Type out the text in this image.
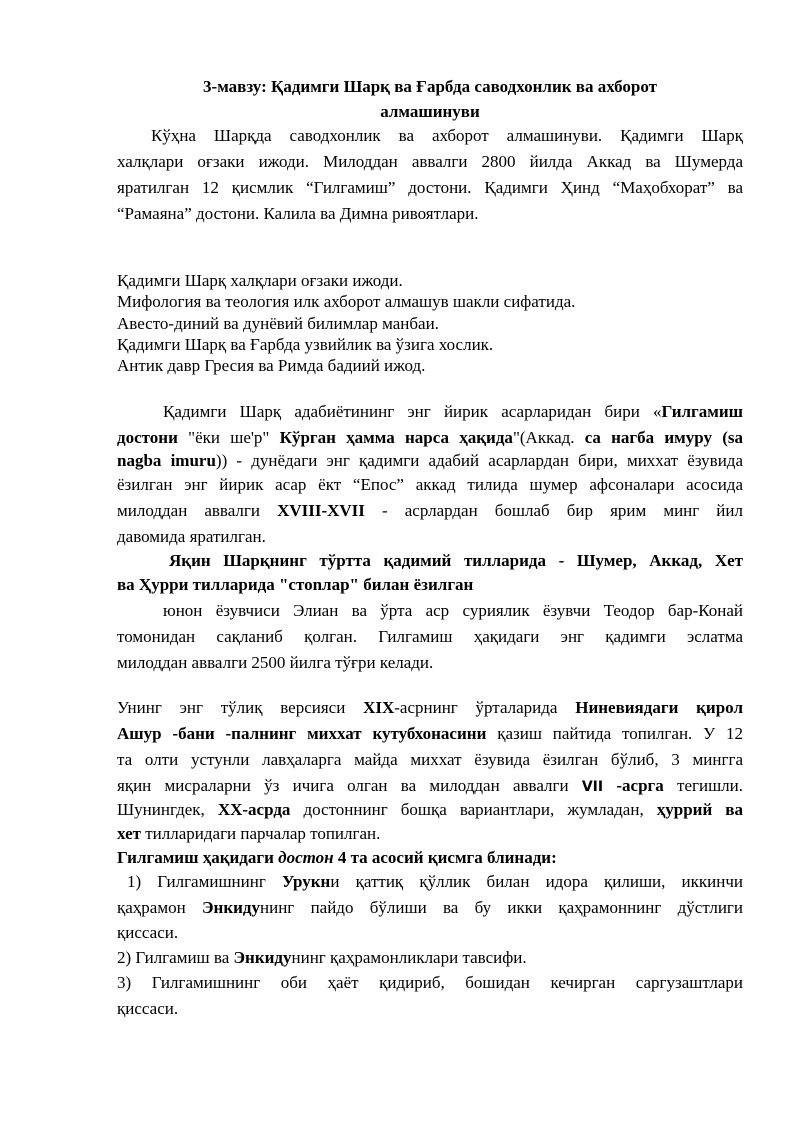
3-мавзу: Қадимги Шарқ ва Ғарбда саводхонлик ва ахборот
алмашинуви
Кўҳна Шарқда саводхонлик ва ахборот алмашинуви. Қадимги Шарқ
халқлари оғзаки ижоди. Милоддан аввалги 2800 йилда Аккад ва Шумерда
яратилган 12 қисмлик “Гилгамиш” достони. Қадимги Ҳинд “Маҳобхорат” ва
“Рамаяна” достони. Калила ва Димна ривоятлари.
Қадимги Шарқ халқлари оғзаки ижоди.
Мифология ва теология илк ахборот алмашув шакли сифатида.
Авесто-диний ва дунёвий билимлар манбаи.
Қадимги Шарқ ва Ғарбда узвийлик ва ўзига хослик.
Антик давр Гресия ва Римда бадиий ижод.
Қадимги Шарқ адабиётининг энг йирик асарларидан бири «Гилгамиш
достони "ёки ше'р" Кўрган ҳамма нарса ҳақида"(Аккад. ca нагба имуру (sa
nagba imuru)) - дунёдаги энг қадимги адабий асарлардан бири, миххат ёзувида
ёзилган энг йирик асар ёкт “Епос” аккад тилида шумер афсоналари асосида
милоддан аввалги XVIII-XVII - асрлардан бошлаб бир ярим минг йил
давомида яратилган.
Яқин Шарқнинг тўртта қадимий тилларида - Шумер, Аккад, Хет
ва Ҳурри тилларида "стоnлар" билан ёзилган
юнон ёзувчиси Элиан ва ўрта аср суриялик ёзувчи Теодор бар-Конай
томонидан сақланиб қолган. Гилгамиш ҳақидаги энг қадимги эслатма
милоддан аввалги 2500 йилга тўғри келади.
Унинг энг тўлиқ версияси XIX-асрнинг ўрталарида Ниневиядаги қирол
Ашур -бани -палнинг миххат кутубхонасини қазиш пайтида топилган. У 12
та олти устунли лавҳаларга майда миххат ёзувида ёзилган бўлиб, 3 мингга
яқин мисраларни ўз ичига олган ва милоддан аввалги VII -асрга тегишли.
Шунингдек, XX-асрда достоннинг бошқа вариантлари, жумладан, ҳуррий ва
хет тилларидаги парчалар топилган.
Гилгамиш ҳақидаги достон 4 та асосий қисмга блинади:
1) Гилгамишнинг Урукни қаттиқ қўллик билан идора қилиши, иккинчи
қаҳрамон Энкидунинг пайдо бўлиши ва бу икки қаҳрамоннинг дўстлиги
қиссаси.
2) Гилгамиш ва Энкидунинг қаҳрамонликлари тавсифи.
3) Гилгамишнинг оби ҳаёт қидириб, бошидан кечирган саргузаштлари
қиссаси.
